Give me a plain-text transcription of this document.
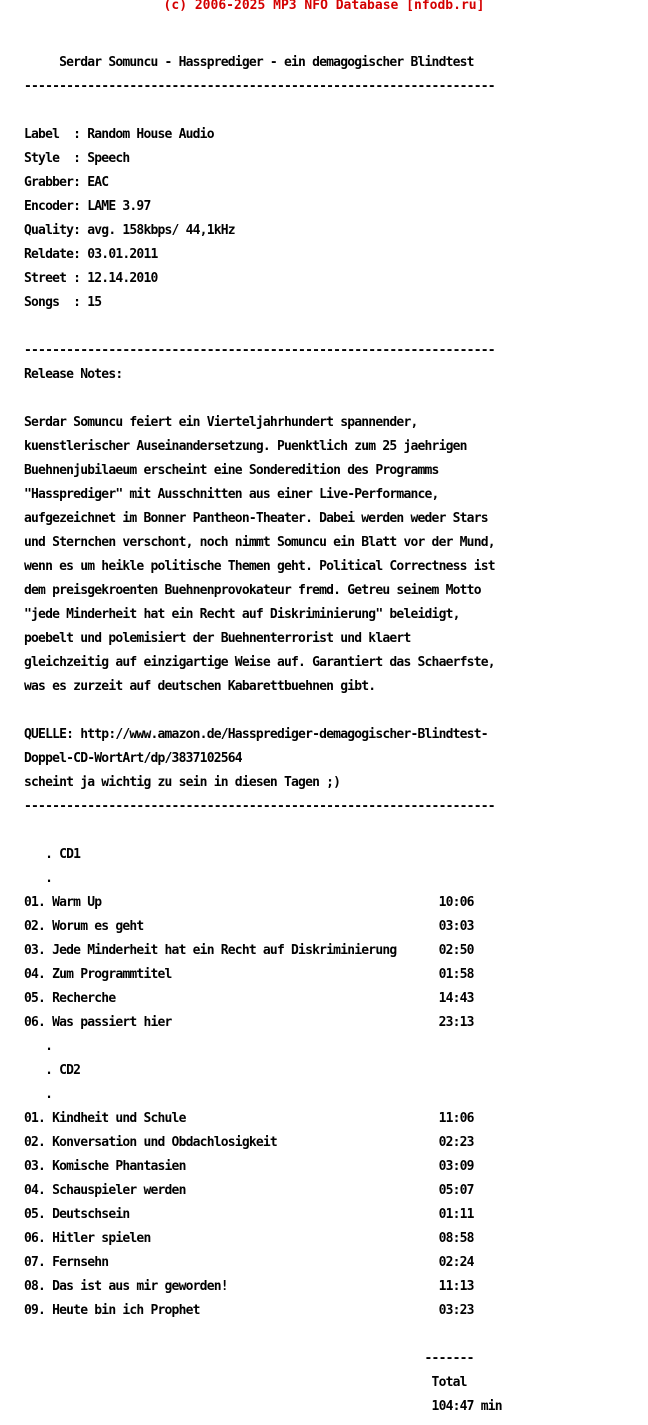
(c) 2006-2025 MP3 NFO Database [nfodb.ru]

Serdar Somuncu - Hassprediger - ein demagogischer Blindtest

-------------------------------------------------------------------

Label  : Random House Audio

Style  : Speech

Grabber: EAC

Encoder: LAME 3.97

Quality: avg. 158kbps/ 44,1kHz

Reldate: 03.01.2011

Street : 12.14.2010

Songs  : 15

-------------------------------------------------------------------

Release Notes:

Serdar Somuncu feiert ein Vierteljahrhundert spannender,

kuenstlerischer Auseinandersetzung. Puenktlich zum 25 jaehrigen

Buehnenjubilaeum erscheint eine Sonderedition des Programms

"Hassprediger" mit Ausschnitten aus einer Live-Performance,

aufgezeichnet im Bonner Pantheon-Theater. Dabei werden weder Stars

und Sternchen verschont, noch nimmt Somuncu ein Blatt vor der Mund,

wenn es um heikle politische Themen geht. Political Correctness ist

dem preisgekroenten Buehnenprovokateur fremd. Getreu seinem Motto

"jede Minderheit hat ein Recht auf Diskriminierung" beleidigt,

poebelt und polemisiert der Buehnenterrorist und klaert

gleichzeitig auf einzigartige Weise auf. Garantiert das Schaerfste,

was es zurzeit auf deutschen Kabarettbuehnen gibt.

QUELLE: http://www.amazon.de/Hassprediger-demagogischer-Blindtest-

Doppel-CD-WortArt/dp/3837102564

scheint ja wichtig zu sein in diesen Tagen ;)

-------------------------------------------------------------------

. CD1

.

01. Warm Up                                                10:06

02. Worum es geht                                          03:03

03. Jede Minderheit hat ein Recht auf Diskriminierung      02:50

04. Zum Programmtitel                                      01:58

05. Recherche                                              14:43

06. Was passiert hier                                      23:13

.

. CD2

.

01. Kindheit und Schule                                    11:06

02. Konversation und Obdachlosigkeit                       02:23

03. Komische Phantasien                                    03:09

04. Schauspieler werden                                    05:07

05. Deutschsein                                            01:11

06. Hitler spielen                                         08:58

07. Fernsehn                                               02:24

08. Das ist aus mir geworden!                              11:13

09. Heute bin ich Prophet                                  03:23

-------

Total

104:47 min
